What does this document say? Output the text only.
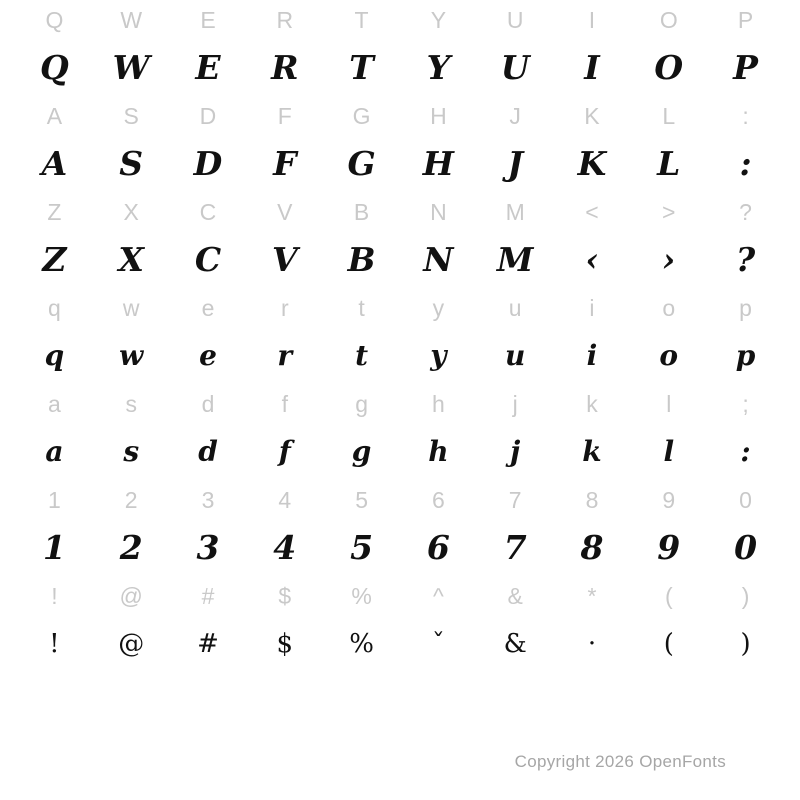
Q	W	E	R	T	Y	U	I	O	P
Q	W	E	R	T	Y	U	I	O	P
A	S	D	F	G	H	J	K	L	:
A	S	D	F	G	H	J	K	L	:
Z	X	C	V	B	N	M	<	>	?
Z	X	C	V	B	N	M	‹	›	?
q	w	e	r	t	y	u	i	o	p
q	w	e	r	t	y	u	i	o	p
a	s	d	f	g	h	j	k	l	;
a	s	d	f	g	h	j	k	l	:
1	2	3	4	5	6	7	8	9	0
1	2	3	4	5	6	7	8	9	0
!	@	#	$	%	^	&	*	(	)
!	@	#	$	%	ˇ	&	·	(	)
Copyright 2026 OpenFonts
